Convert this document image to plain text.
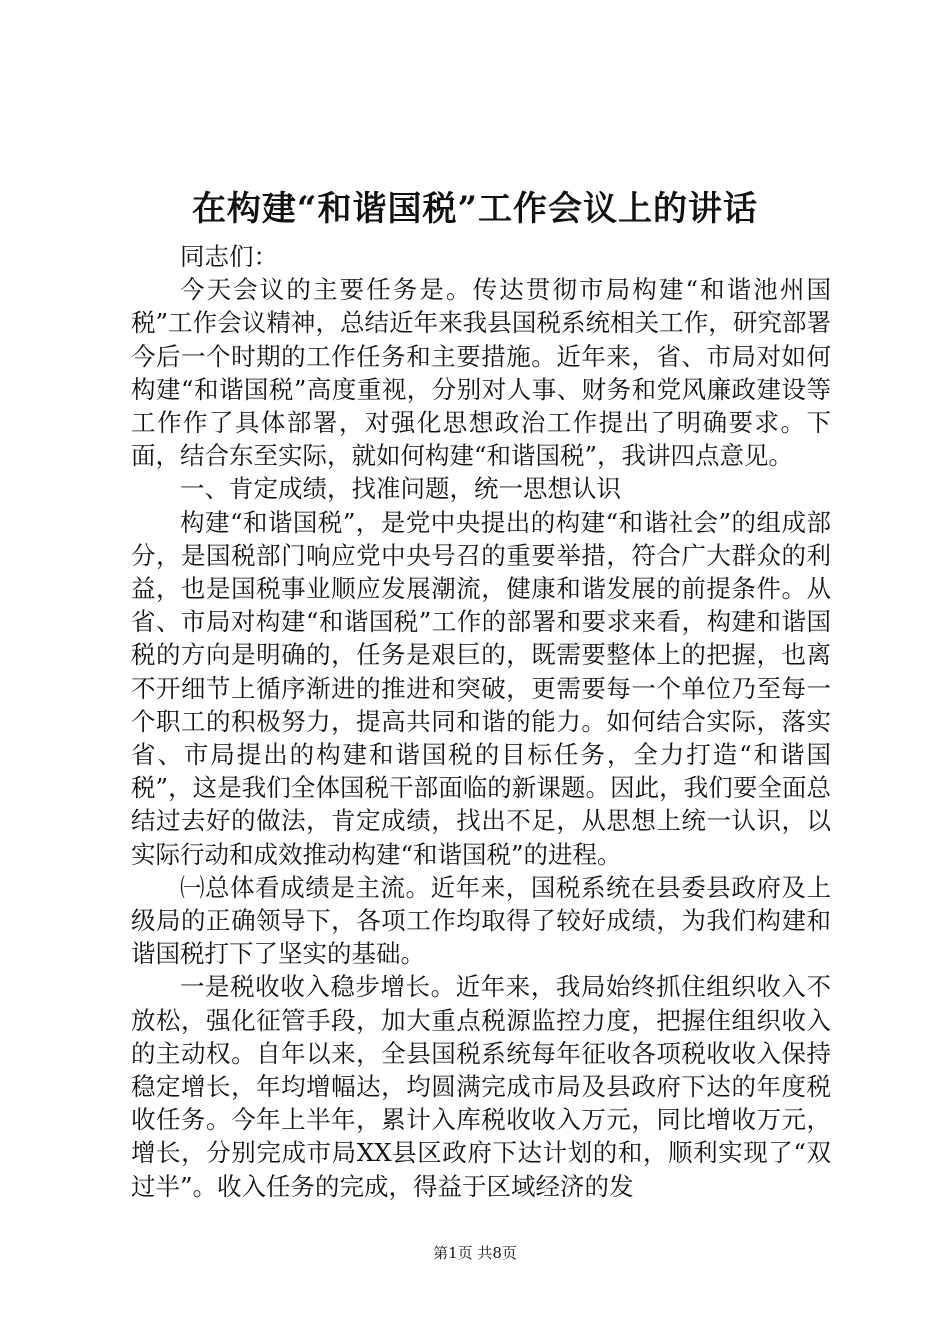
在构建“和谐国税”工作会议上的讲话

同志们：

今天会议的主要任务是。传达贯彻市局构建“和谐池州国税”工作会议精神，总结近年来我县国税系统相关工作，研究部署今后一个时期的工作任务和主要措施。近年来，省、市局对如何构建“和谐国税”高度重视，分别对人事、财务和党风廉政建设等工作作了具体部署，对强化思想政治工作提出了明确要求。下面，结合东至实际，就如何构建“和谐国税”，我讲四点意见。

一、肯定成绩，找准问题，统一思想认识

构建“和谐国税”，是党中央提出的构建“和谐社会”的组成部分，是国税部门响应党中央号召的重要举措，符合广大群众的利益，也是国税事业顺应发展潮流，健康和谐发展的前提条件。从省、市局对构建“和谐国税”工作的部署和要求来看，构建和谐国税的方向是明确的，任务是艰巨的，既需要整体上的把握，也离不开细节上循序渐进的推进和突破，更需要每一个单位乃至每一个职工的积极努力，提高共同和谐的能力。如何结合实际，落实省、市局提出的构建和谐国税的目标任务，全力打造“和谐国税”，这是我们全体国税干部面临的新课题。因此，我们要全面总结过去好的做法，肯定成绩，找出不足，从思想上统一认识，以实际行动和成效推动构建“和谐国税”的进程。

㈠总体看成绩是主流。近年来，国税系统在县委县政府及上级局的正确领导下，各项工作均取得了较好成绩，为我们构建和谐国税打下了坚实的基础。

一是税收收入稳步增长。近年来，我局始终抓住组织收入不放松，强化征管手段，加大重点税源监控力度，把握住组织收入的主动权。自年以来，全县国税系统每年征收各项税收收入保持稳定增长，年均增幅达，均圆满完成市局及县政府下达的年度税收任务。今年上半年，累计入库税收收入万元，同比增收万元，增长，分别完成市局XX县区政府下达计划的和，顺利实现了“双过半”。收入任务的完成，得益于区域经济的发

第1页 共8页
